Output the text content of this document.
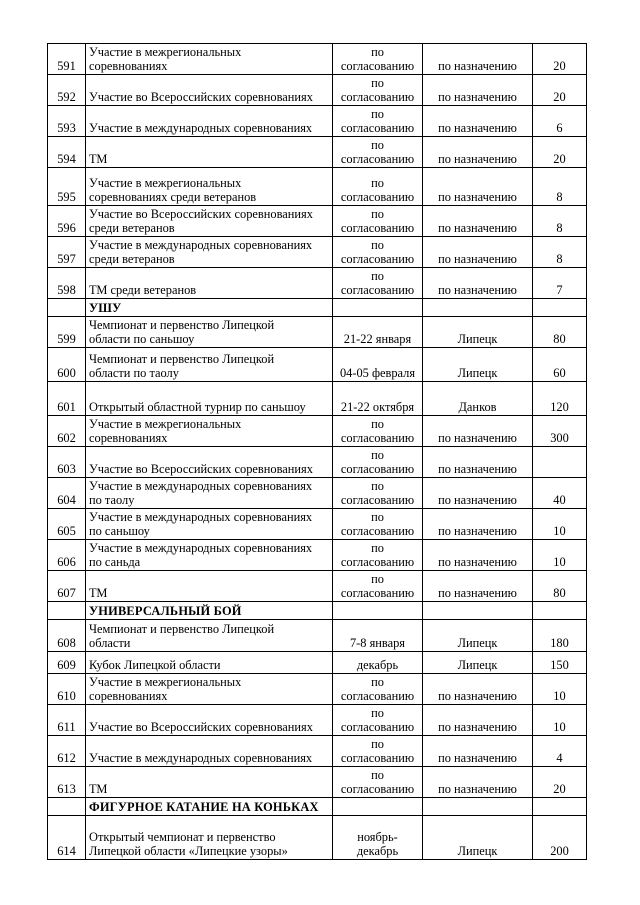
591	Участие в межрегиональных
соревнованиях	по
согласованию	по назначению	20
592	Участие во Всероссийских соревнованиях	по
согласованию	по назначению	20
593	Участие в международных соревнованиях	по
согласованию	по назначению	6
594	ТМ	по
согласованию	по назначению	20
595	Участие в межрегиональных
соревнованиях среди ветеранов	по
согласованию	по назначению	8
596	Участие во Всероссийских соревнованиях
среди ветеранов	по
согласованию	по назначению	8
597	Участие в международных соревнованиях
среди ветеранов	по
согласованию	по назначению	8
598	ТМ среди ветеранов	по
согласованию	по назначению	7
	УШУ			
599	Чемпионат и первенство Липецкой
области по саньшоу	21-22 января	Липецк	80
600	Чемпионат и первенство Липецкой
области по таолу	04-05 февраля	Липецк	60
601	Открытый областной турнир по саньшоу	21-22 октября	Данков	120
602	Участие в межрегиональных
соревнованиях	по
согласованию	по назначению	300
603	Участие во Всероссийских соревнованиях	по
согласованию	по назначению	
604	Участие в международных соревнованиях
по таолу	по
согласованию	по назначению	40
605	Участие в международных соревнованиях
по саньшоу	по
согласованию	по назначению	10
606	Участие в международных соревнованиях
по саньда	по
согласованию	по назначению	10
607	ТМ	по
согласованию	по назначению	80
	УНИВЕРСАЛЬНЫЙ БОЙ			
608	Чемпионат и первенство Липецкой
области	7-8 января	Липецк	180
609	Кубок Липецкой области	декабрь	Липецк	150
610	Участие в межрегиональных
соревнованиях	по
согласованию	по назначению	10
611	Участие во Всероссийских соревнованиях	по
согласованию	по назначению	10
612	Участие в международных соревнованиях	по
согласованию	по назначению	4
613	ТМ	по
согласованию	по назначению	20
	ФИГУРНОЕ КАТАНИЕ НА КОНЬКАХ			
614	Открытый чемпионат и первенство
Липецкой области «Липецкие узоры»	ноябрь-
декабрь	Липецк	200
